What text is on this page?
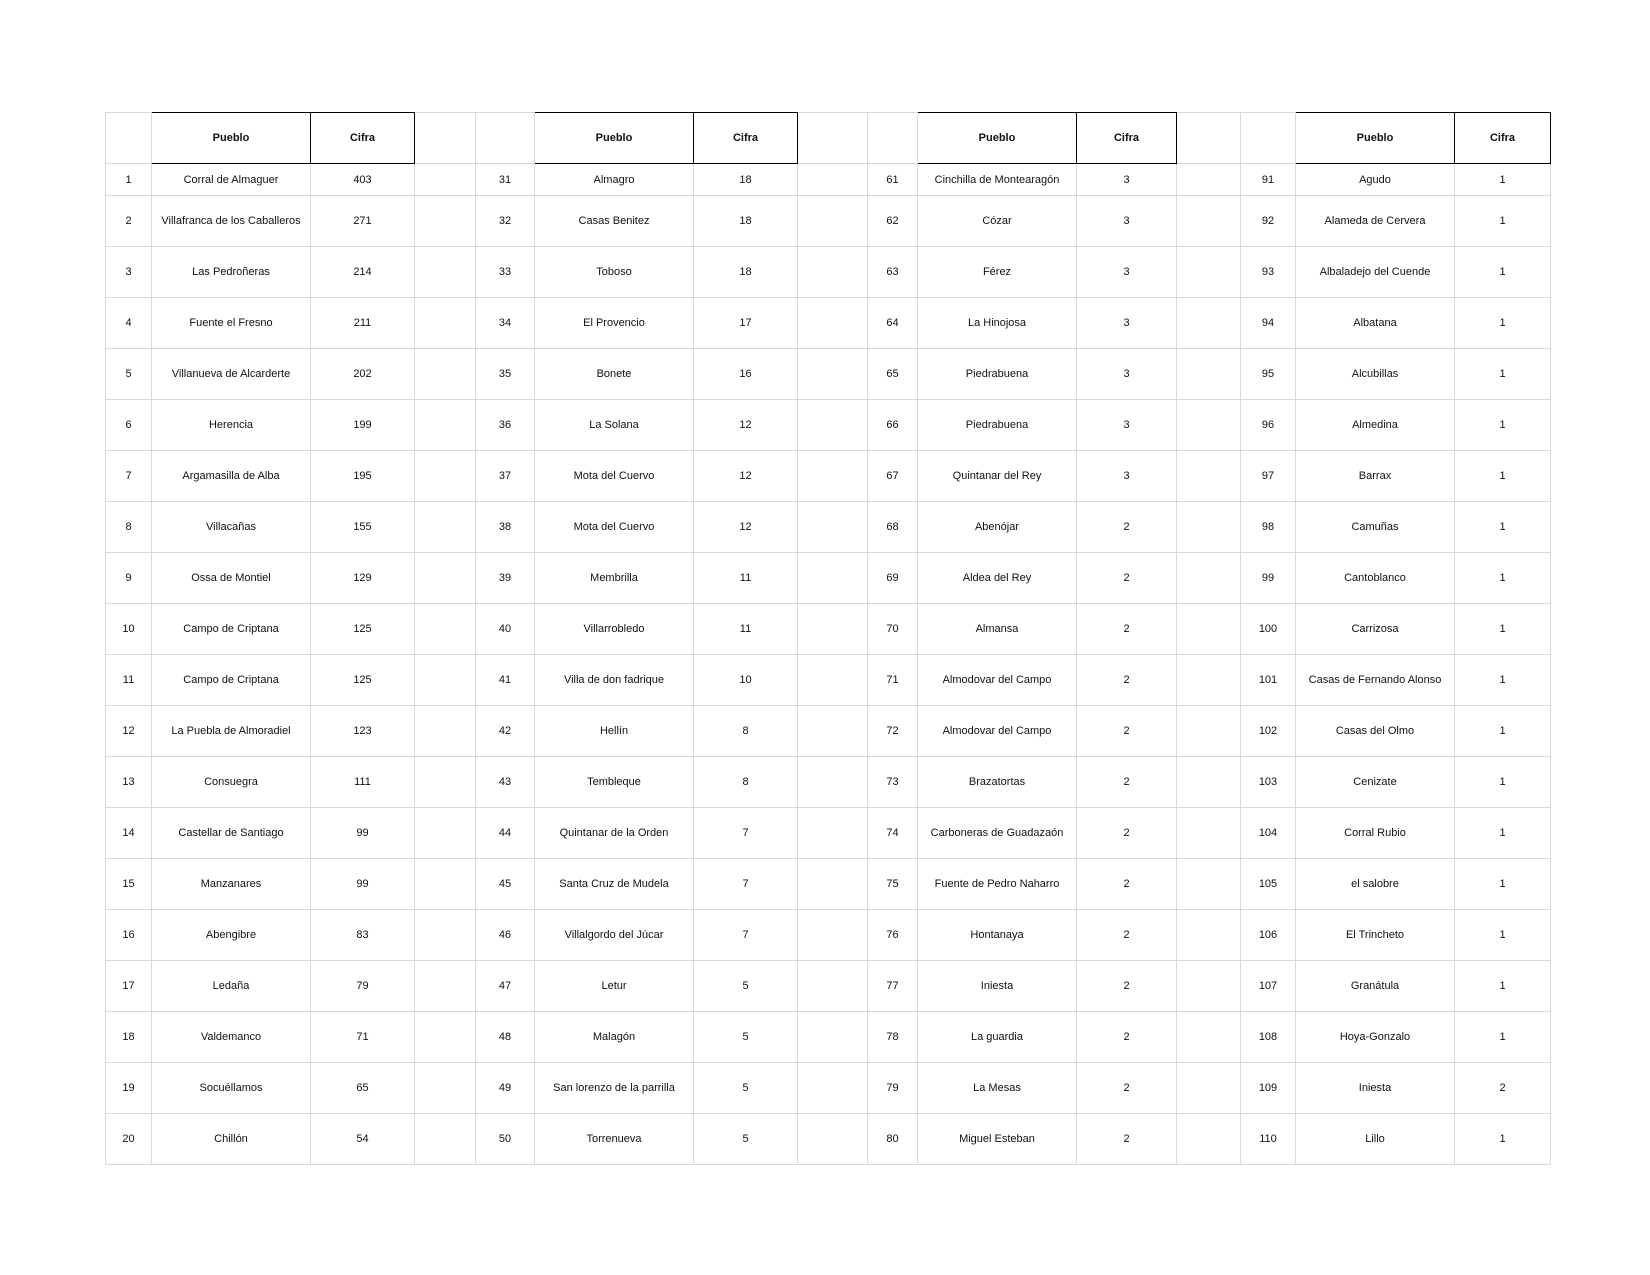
	Pueblo	Cifra			Pueblo	Cifra			Pueblo	Cifra			Pueblo	Cifra
1	Corral de Almaguer	403		31	Almagro	18		61	Cinchilla de Montearagón	3		91	Agudo	1
2	Villafranca de los Caballeros	271		32	Casas Benitez	18		62	Cózar	3		92	Alameda de Cervera	1
3	Las Pedroñeras	214		33	Toboso	18		63	Férez	3		93	Albaladejo del Cuende	1
4	Fuente el Fresno	211		34	El Provencio	17		64	La Hinojosa	3		94	Albatana	1
5	Villanueva de Alcarderte	202		35	Bonete	16		65	Piedrabuena	3		95	Alcubillas	1
6	Herencia	199		36	La Solana	12		66	Piedrabuena	3		96	Almedina	1
7	Argamasilla de Alba	195		37	Mota del Cuervo	12		67	Quintanar del Rey	3		97	Barrax	1
8	Villacañas	155		38	Mota del Cuervo	12		68	Abenójar	2		98	Camuñas	1
9	Ossa de Montiel	129		39	Membrilla	11		69	Aldea del Rey	2		99	Cantoblanco	1
10	Campo de Criptana	125		40	Villarrobledo	11		70	Almansa	2		100	Carrizosa	1
11	Campo de Criptana	125		41	Villa de don fadrique	10		71	Almodovar del Campo	2		101	Casas de Fernando Alonso	1
12	La Puebla de Almoradiel	123		42	Hellín	8		72	Almodovar del Campo	2		102	Casas del Olmo	1
13	Consuegra	111		43	Tembleque	8		73	Brazatortas	2		103	Cenizate	1
14	Castellar de Santiago	99		44	Quintanar de la Orden	7		74	Carboneras de Guadazaón	2		104	Corral Rubio	1
15	Manzanares	99		45	Santa Cruz de Mudela	7		75	Fuente de Pedro Naharro	2		105	el salobre	1
16	Abengibre	83		46	Villalgordo del Júcar	7		76	Hontanaya	2		106	El Trincheto	1
17	Ledaña	79		47	Letur	5		77	Iniesta	2		107	Granátula	1
18	Valdemanco	71		48	Malagón	5		78	La guardia	2		108	Hoya-Gonzalo	1
19	Socuéllamos	65		49	San lorenzo de la parrilla	5		79	La Mesas	2		109	Iniesta	2
20	Chillón	54		50	Torrenueva	5		80	Miguel Esteban	2		110	Lillo	1
